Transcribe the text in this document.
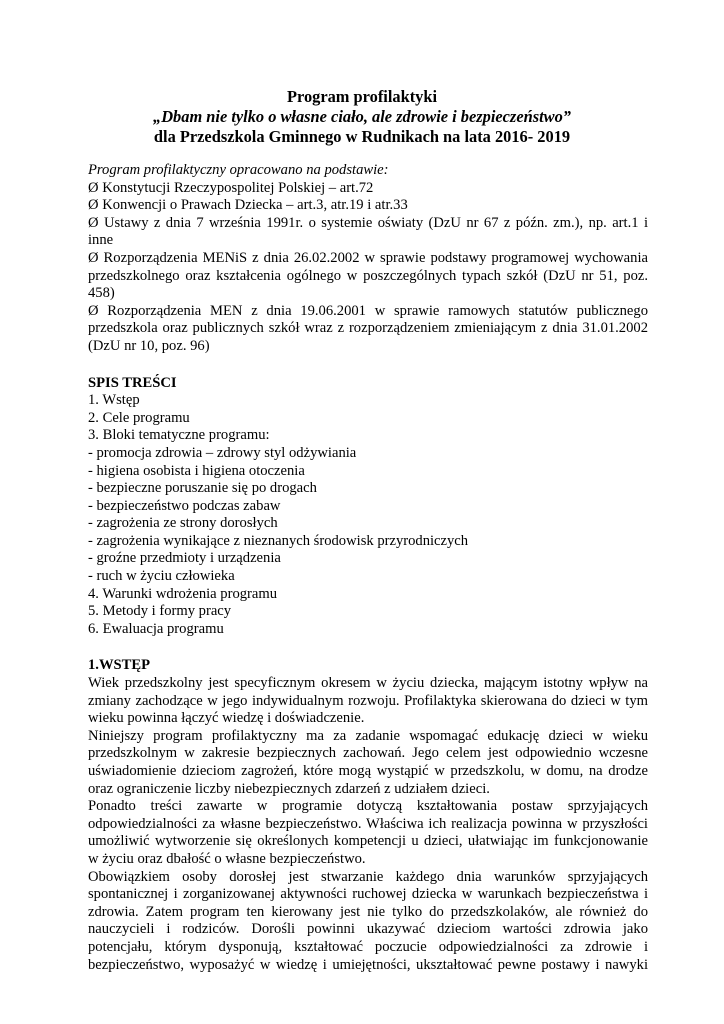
Program profilaktyki
„Dbam nie tylko o własne ciało, ale zdrowie i bezpieczeństwo”
dla Przedszkola Gminnego w Rudnikach na lata 2016- 2019
Program profilaktyczny opracowano na podstawie:
Ø Konstytucji Rzeczypospolitej Polskiej – art.72
Ø Konwencji o Prawach Dziecka – art.3, atr.19 i atr.33
Ø Ustawy z dnia 7 września 1991r. o systemie oświaty (DzU nr 67 z późn. zm.), np. art.1 i
inne
Ø Rozporządzenia MENiS z dnia 26.02.2002 w sprawie podstawy programowej wychowania
przedszkolnego oraz kształcenia ogólnego w poszczególnych typach szkół (DzU nr 51, poz.
458)
Ø Rozporządzenia MEN z dnia 19.06.2001 w sprawie ramowych statutów publicznego
przedszkola oraz publicznych szkół wraz z rozporządzeniem zmieniającym z dnia 31.01.2002
(DzU nr 10, poz. 96)
SPIS TREŚCI
1. Wstęp
2. Cele programu
3. Bloki tematyczne programu:
- promocja zdrowia – zdrowy styl odżywiania
- higiena osobista i higiena otoczenia
- bezpieczne poruszanie się po drogach
- bezpieczeństwo podczas zabaw
- zagrożenia ze strony dorosłych
- zagrożenia wynikające z nieznanych środowisk przyrodniczych
- groźne przedmioty i urządzenia
- ruch w życiu człowieka
4. Warunki wdrożenia programu
5. Metody i formy pracy
6. Ewaluacja programu
1.WSTĘP
Wiek przedszkolny jest specyficznym okresem w życiu dziecka, mającym istotny wpływ na
zmiany zachodzące w jego indywidualnym rozwoju. Profilaktyka skierowana do dzieci w tym
wieku powinna łączyć wiedzę i doświadczenie.
Niniejszy program profilaktyczny ma za zadanie wspomagać edukację dzieci w wieku
przedszkolnym w zakresie bezpiecznych zachowań. Jego celem jest odpowiednio wczesne
uświadomienie dzieciom zagrożeń, które mogą wystąpić w przedszkolu, w domu, na drodze
oraz ograniczenie liczby niebezpiecznych zdarzeń z udziałem dzieci.
Ponadto treści zawarte w programie dotyczą kształtowania postaw sprzyjających
odpowiedzialności za własne bezpieczeństwo. Właściwa ich realizacja powinna w przyszłości
umożliwić wytworzenie się określonych kompetencji u dzieci, ułatwiając im funkcjonowanie
w życiu oraz dbałość o własne bezpieczeństwo.
Obowiązkiem osoby dorosłej jest stwarzanie każdego dnia warunków sprzyjających
spontanicznej i zorganizowanej aktywności ruchowej dziecka w warunkach bezpieczeństwa i
zdrowia. Zatem program ten kierowany jest nie tylko do przedszkolaków, ale również do
nauczycieli i rodziców. Dorośli powinni ukazywać dzieciom wartości zdrowia jako
potencjału, którym dysponują, kształtować poczucie odpowiedzialności za zdrowie i
bezpieczeństwo, wyposażyć w wiedzę i umiejętności, ukształtować pewne postawy i nawyki
